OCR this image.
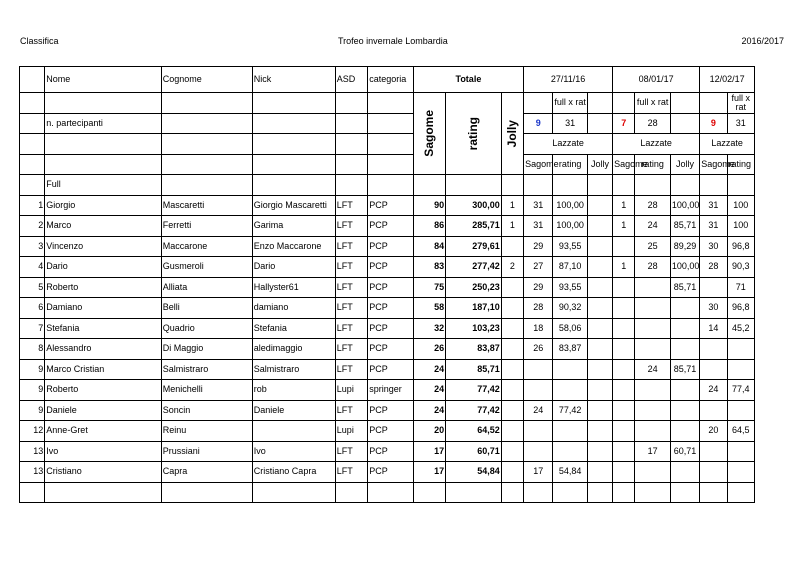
Classifica	Trofeo invernale Lombardia	2016/2017
	Nome	Cognome	Nick	ASD	categoria	Totale			27/11/16			08/01/17			12/02/17	

						Sagome	rating	Jolly		full x rat			full x rat			full x rat
	n. partecipanti								9	31		7	28		9	31
									Lazzate			Lazzate			Lazzate	
									Sagome	rating	Jolly	Sagome	rating	Jolly	Sagome	rating
	Full															
1	Giorgio	Mascaretti	Giorgio Mascaretti	LFT	PCP	90	300,00	1	31	100,00		1	28	100,00	31	100
2	Marco	Ferretti	Garima	LFT	PCP	86	285,71	1	31	100,00		1	24	85,71	31	100
3	Vincenzo	Maccarone	Enzo Maccarone	LFT	PCP	84	279,61		29	93,55			25	89,29	30	96,8
4	Dario	Gusmeroli	Dario	LFT	PCP	83	277,42	2	27	87,10		1	28	100,00	28	90,3
5	Roberto	Alliata	Hallyster61	LFT	PCP	75	250,23		29	93,55				85,71		71
6	Damiano	Belli	damiano	LFT	PCP	58	187,10		28	90,32					30	96,8
7	Stefania	Quadrio	Stefania	LFT	PCP	32	103,23		18	58,06					14	45,2
8	Alessandro	Di Maggio	aledimaggio	LFT	PCP	26	83,87		26	83,87						
9	Marco Cristian	Salmistraro	Salmistraro	LFT	PCP	24	85,71						24	85,71		
9	Roberto	Menichelli	rob	Lupi	springer	24	77,42								24	77,4
9	Daniele	Soncin	Daniele	LFT	PCP	24	77,42		24	77,42						
12	Anne-Gret	Reinu		Lupi	PCP	20	64,52								20	64,5
13	Ivo	Prussiani	Ivo	LFT	PCP	17	60,71						17	60,71		
13	Cristiano	Capra	Cristiano Capra	LFT	PCP	17	54,84		17	54,84						
